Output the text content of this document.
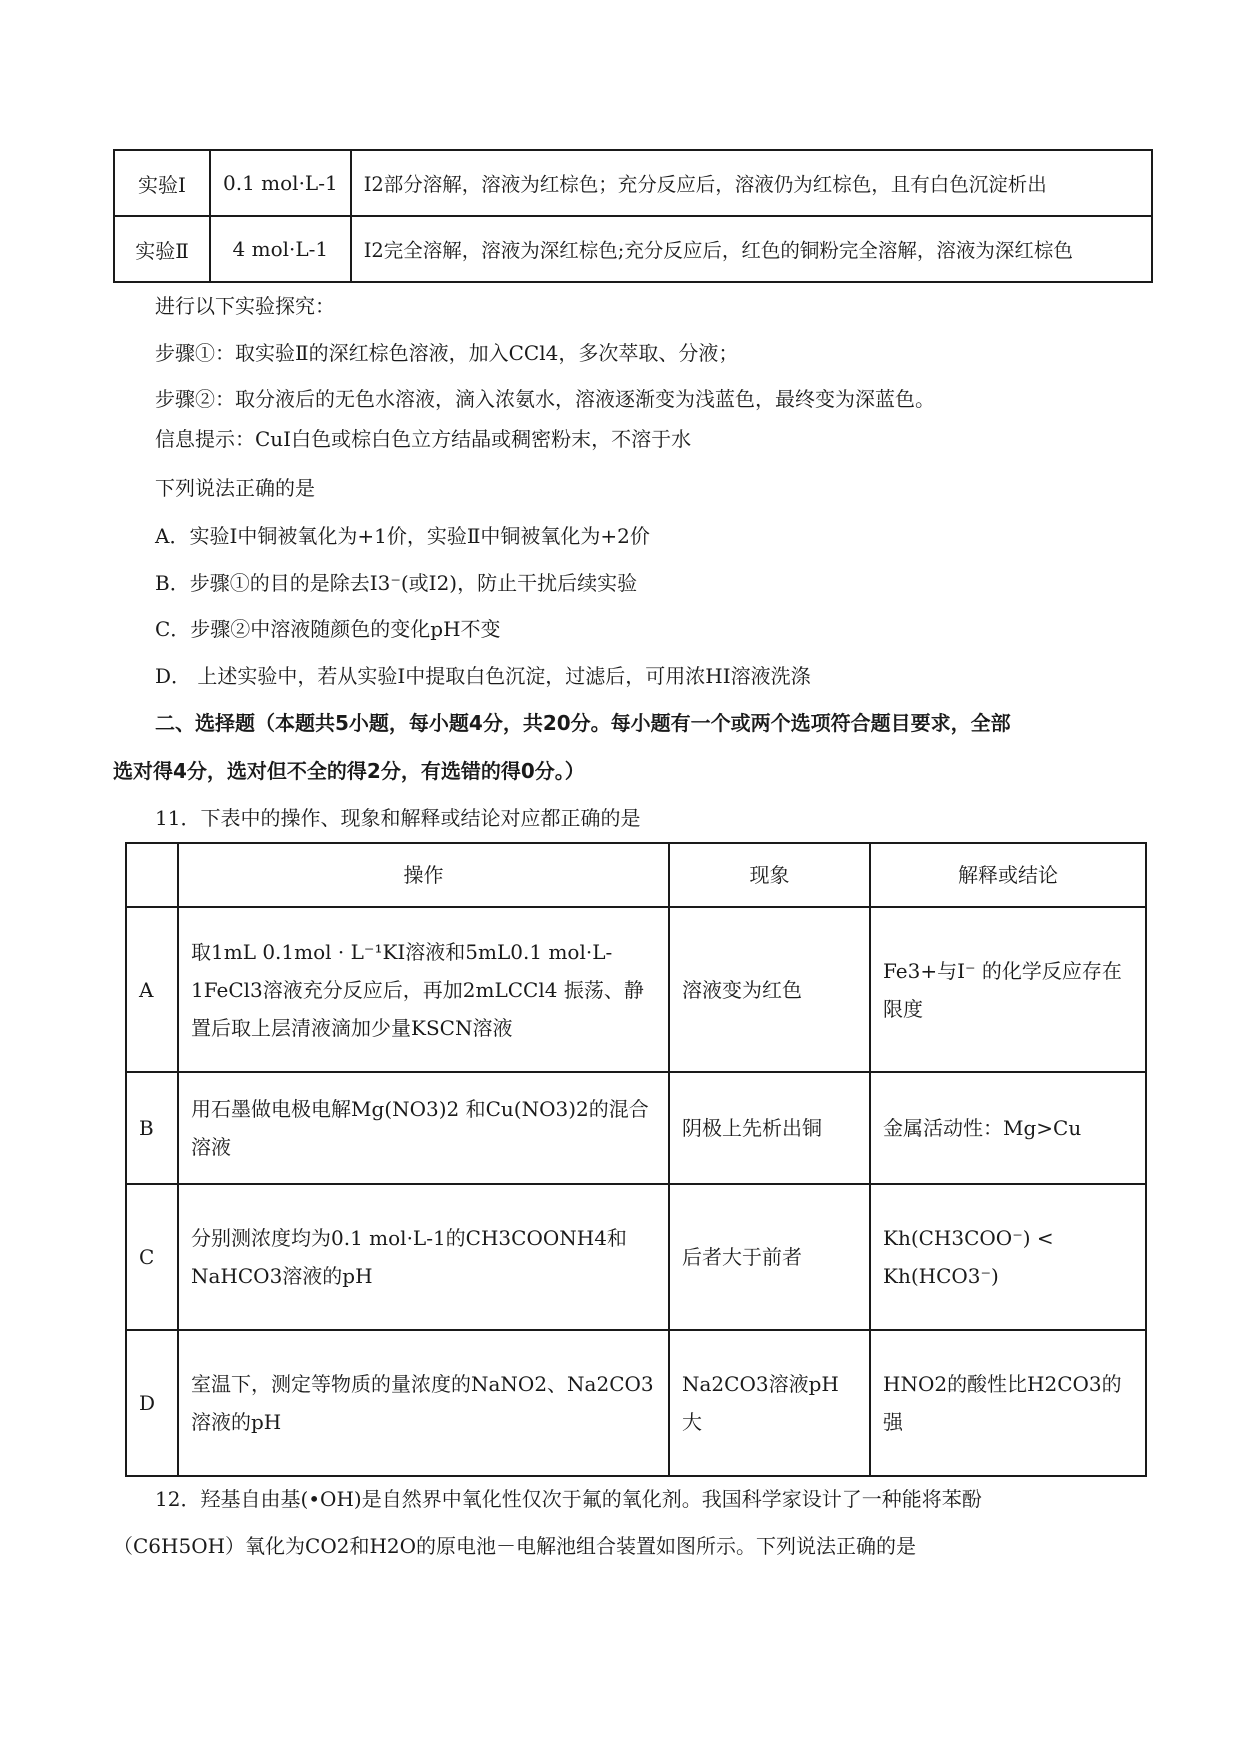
实验Ⅰ	0.1 mol·L-1	I2部分溶解，溶液为红棕色；充分反应后，溶液仍为红棕色，且有白色沉淀析出
实验Ⅱ	4 mol·L-1	I2完全溶解，溶液为深红棕色;充分反应后，红色的铜粉完全溶解，溶液为深红棕色
进行以下实验探究：
步骤①：取实验Ⅱ的深红棕色溶液，加入CCl4，多次萃取、分液；
步骤②：取分液后的无色水溶液，滴入浓氨水，溶液逐渐变为浅蓝色，最终变为深蓝色。
信息提示：CuI白色或棕白色立方结晶或稠密粉末，不溶于水
下列说法正确的是
A．实验Ⅰ中铜被氧化为+1价，实验Ⅱ中铜被氧化为+2价
B．步骤①的目的是除去I3⁻(或I2)，防止干扰后续实验
C．步骤②中溶液随颜色的变化pH不变
D． 上述实验中，若从实验Ⅰ中提取白色沉淀，过滤后，可用浓HI溶液洗涤
二、选择题（本题共5小题，每小题4分，共20分。每小题有一个或两个选项符合题目要求，全部
选对得4分，选对但不全的得2分，有选错的得0分。）
11．下表中的操作、现象和解释或结论对应都正确的是
	操作	现象	解释或结论
A	取1mL 0.1mol · L⁻¹KI溶液和5mL0.1 mol·L-1FeCl3溶液充分反应后，再加2mLCCl4 振荡、静置后取上层清液滴加少量KSCN溶液	溶液变为红色	Fe3+与I⁻ 的化学反应存在限度
B	用石墨做电极电解Mg(NO3)2 和Cu(NO3)2的混合溶液	阴极上先析出铜	金属活动性：Mg>Cu
C	分别测浓度均为0.1 mol·L-1的CH3COONH4和NaHCO3溶液的pH	后者大于前者	Kh(CH3COO⁻) < Kh(HCO3⁻)
D	室温下，测定等物质的量浓度的NaNO2、Na2CO3溶液的pH	Na2CO3溶液pH大	HNO2的酸性比H2CO3的强
12．羟基自由基(•OH)是自然界中氧化性仅次于氟的氧化剂。我国科学家设计了一种能将苯酚
（C6H5OH）氧化为CO2和H2O的原电池－电解池组合装置如图所示。下列说法正确的是
